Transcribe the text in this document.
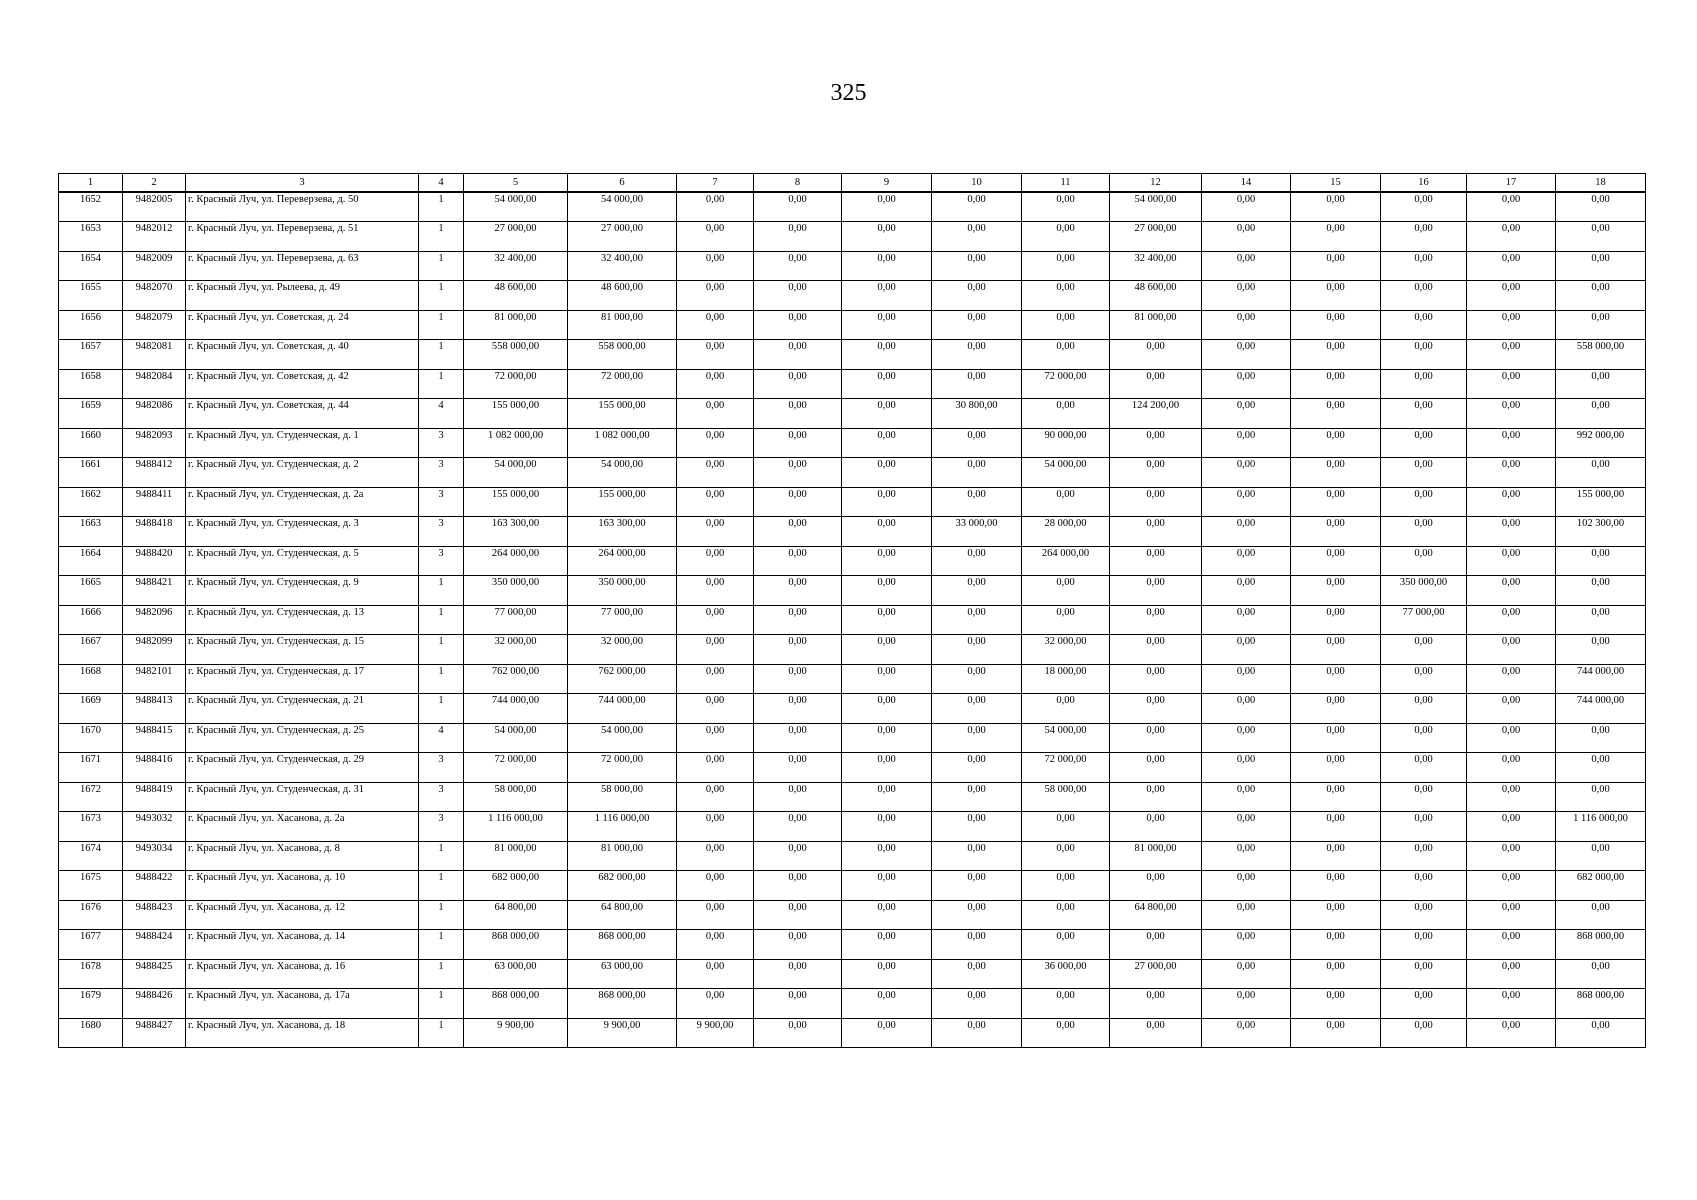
325
1	2	3	4	5	6	7	8	9	10	11	12	14	15	16	17	18
1652	9482005	г. Красный Луч, ул. Переверзева, д. 50	1	54 000,00	54 000,00	0,00	0,00	0,00	0,00	0,00	54 000,00	0,00	0,00	0,00	0,00	0,00
1653	9482012	г. Красный Луч, ул. Переверзева, д. 51	1	27 000,00	27 000,00	0,00	0,00	0,00	0,00	0,00	27 000,00	0,00	0,00	0,00	0,00	0,00
1654	9482009	г. Красный Луч, ул. Переверзева, д. 63	1	32 400,00	32 400,00	0,00	0,00	0,00	0,00	0,00	32 400,00	0,00	0,00	0,00	0,00	0,00
1655	9482070	г. Красный Луч, ул. Рылеева, д. 49	1	48 600,00	48 600,00	0,00	0,00	0,00	0,00	0,00	48 600,00	0,00	0,00	0,00	0,00	0,00
1656	9482079	г. Красный Луч, ул. Советская, д. 24	1	81 000,00	81 000,00	0,00	0,00	0,00	0,00	0,00	81 000,00	0,00	0,00	0,00	0,00	0,00
1657	9482081	г. Красный Луч, ул. Советская, д. 40	1	558 000,00	558 000,00	0,00	0,00	0,00	0,00	0,00	0,00	0,00	0,00	0,00	0,00	558 000,00
1658	9482084	г. Красный Луч, ул. Советская, д. 42	1	72 000,00	72 000,00	0,00	0,00	0,00	0,00	72 000,00	0,00	0,00	0,00	0,00	0,00	0,00
1659	9482086	г. Красный Луч, ул. Советская, д. 44	4	155 000,00	155 000,00	0,00	0,00	0,00	30 800,00	0,00	124 200,00	0,00	0,00	0,00	0,00	0,00
1660	9482093	г. Красный Луч, ул. Студенческая, д. 1	3	1 082 000,00	1 082 000,00	0,00	0,00	0,00	0,00	90 000,00	0,00	0,00	0,00	0,00	0,00	992 000,00
1661	9488412	г. Красный Луч, ул. Студенческая, д. 2	3	54 000,00	54 000,00	0,00	0,00	0,00	0,00	54 000,00	0,00	0,00	0,00	0,00	0,00	0,00
1662	9488411	г. Красный Луч, ул. Студенческая, д. 2а	3	155 000,00	155 000,00	0,00	0,00	0,00	0,00	0,00	0,00	0,00	0,00	0,00	0,00	155 000,00
1663	9488418	г. Красный Луч, ул. Студенческая, д. 3	3	163 300,00	163 300,00	0,00	0,00	0,00	33 000,00	28 000,00	0,00	0,00	0,00	0,00	0,00	102 300,00
1664	9488420	г. Красный Луч, ул. Студенческая, д. 5	3	264 000,00	264 000,00	0,00	0,00	0,00	0,00	264 000,00	0,00	0,00	0,00	0,00	0,00	0,00
1665	9488421	г. Красный Луч, ул. Студенческая, д. 9	1	350 000,00	350 000,00	0,00	0,00	0,00	0,00	0,00	0,00	0,00	0,00	350 000,00	0,00	0,00
1666	9482096	г. Красный Луч, ул. Студенческая, д. 13	1	77 000,00	77 000,00	0,00	0,00	0,00	0,00	0,00	0,00	0,00	0,00	77 000,00	0,00	0,00
1667	9482099	г. Красный Луч, ул. Студенческая, д. 15	1	32 000,00	32 000,00	0,00	0,00	0,00	0,00	32 000,00	0,00	0,00	0,00	0,00	0,00	0,00
1668	9482101	г. Красный Луч, ул. Студенческая, д. 17	1	762 000,00	762 000,00	0,00	0,00	0,00	0,00	18 000,00	0,00	0,00	0,00	0,00	0,00	744 000,00
1669	9488413	г. Красный Луч, ул. Студенческая, д. 21	1	744 000,00	744 000,00	0,00	0,00	0,00	0,00	0,00	0,00	0,00	0,00	0,00	0,00	744 000,00
1670	9488415	г. Красный Луч, ул. Студенческая, д. 25	4	54 000,00	54 000,00	0,00	0,00	0,00	0,00	54 000,00	0,00	0,00	0,00	0,00	0,00	0,00
1671	9488416	г. Красный Луч, ул. Студенческая, д. 29	3	72 000,00	72 000,00	0,00	0,00	0,00	0,00	72 000,00	0,00	0,00	0,00	0,00	0,00	0,00
1672	9488419	г. Красный Луч, ул. Студенческая, д. 31	3	58 000,00	58 000,00	0,00	0,00	0,00	0,00	58 000,00	0,00	0,00	0,00	0,00	0,00	0,00
1673	9493032	г. Красный Луч, ул. Хасанова, д. 2а	3	1 116 000,00	1 116 000,00	0,00	0,00	0,00	0,00	0,00	0,00	0,00	0,00	0,00	0,00	1 116 000,00
1674	9493034	г. Красный Луч, ул. Хасанова, д. 8	1	81 000,00	81 000,00	0,00	0,00	0,00	0,00	0,00	81 000,00	0,00	0,00	0,00	0,00	0,00
1675	9488422	г. Красный Луч, ул. Хасанова, д. 10	1	682 000,00	682 000,00	0,00	0,00	0,00	0,00	0,00	0,00	0,00	0,00	0,00	0,00	682 000,00
1676	9488423	г. Красный Луч, ул. Хасанова, д. 12	1	64 800,00	64 800,00	0,00	0,00	0,00	0,00	0,00	64 800,00	0,00	0,00	0,00	0,00	0,00
1677	9488424	г. Красный Луч, ул. Хасанова, д. 14	1	868 000,00	868 000,00	0,00	0,00	0,00	0,00	0,00	0,00	0,00	0,00	0,00	0,00	868 000,00
1678	9488425	г. Красный Луч, ул. Хасанова, д. 16	1	63 000,00	63 000,00	0,00	0,00	0,00	0,00	36 000,00	27 000,00	0,00	0,00	0,00	0,00	0,00
1679	9488426	г. Красный Луч, ул. Хасанова, д. 17а	1	868 000,00	868 000,00	0,00	0,00	0,00	0,00	0,00	0,00	0,00	0,00	0,00	0,00	868 000,00
1680	9488427	г. Красный Луч, ул. Хасанова, д. 18	1	9 900,00	9 900,00	9 900,00	0,00	0,00	0,00	0,00	0,00	0,00	0,00	0,00	0,00	0,00
